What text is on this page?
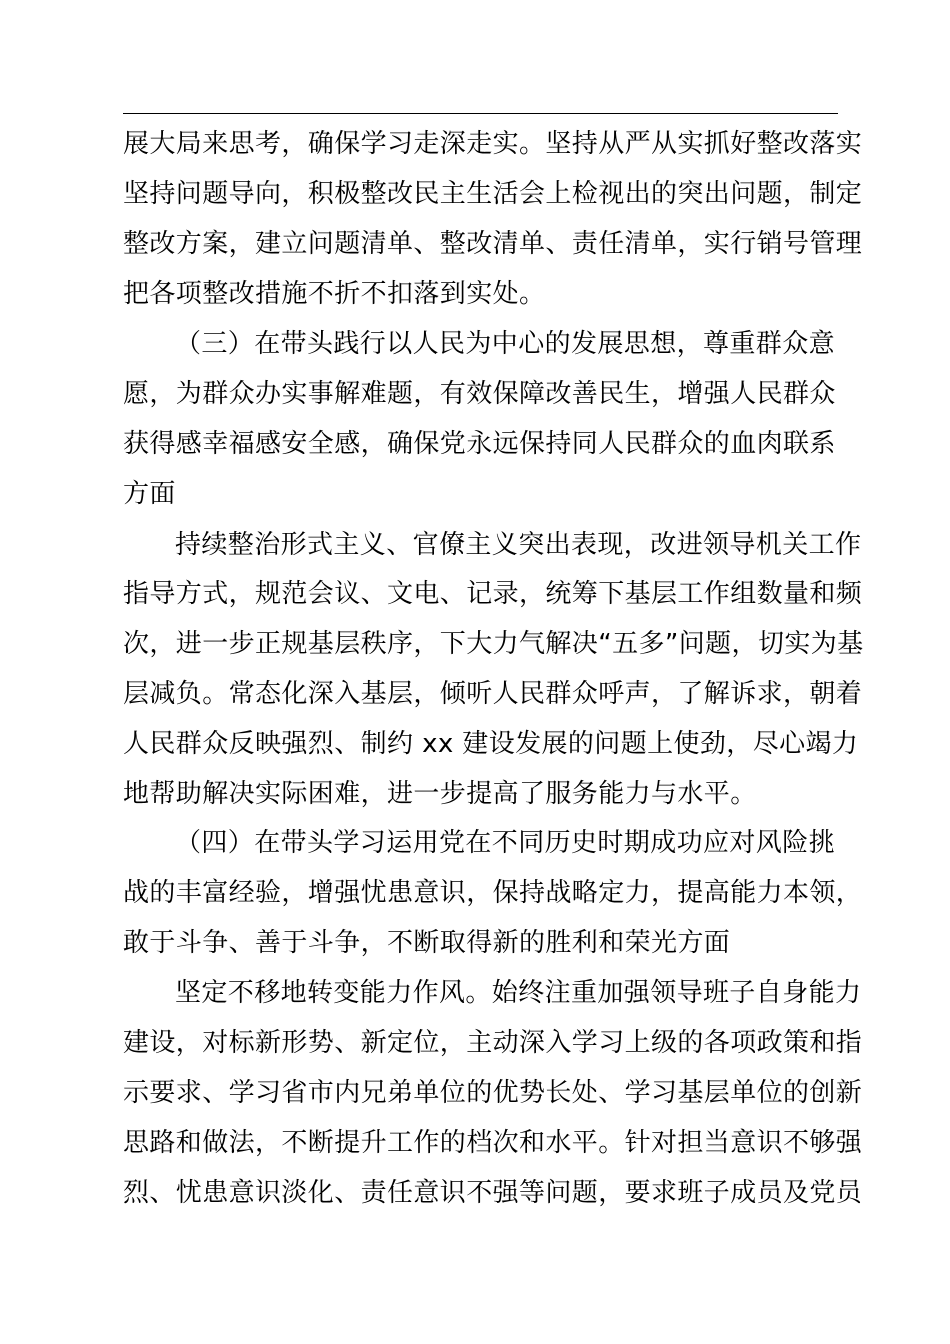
展大局来思考，确保学习走深走实。坚持从严从实抓好整改落实
坚持问题导向，积极整改民主生活会上检视出的突出问题，制定
整改方案，建立问题清单、整改清单、责任清单，实行销号管理
把各项整改措施不折不扣落到实处。
（三）在带头践行以人民为中心的发展思想，尊重群众意
愿，为群众办实事解难题，有效保障改善民生，增强人民群众
获得感幸福感安全感，确保党永远保持同人民群众的血肉联系
方面
持续整治形式主义、官僚主义突出表现，改进领导机关工作
指导方式，规范会议、文电、记录，统筹下基层工作组数量和频
次，进一步正规基层秩序，下大力气解决“五多”问题，切实为基
层减负。常态化深入基层，倾听人民群众呼声，了解诉求，朝着
人民群众反映强烈、制约 xx 建设发展的问题上使劲，尽心竭力
地帮助解决实际困难，进一步提高了服务能力与水平。
（四）在带头学习运用党在不同历史时期成功应对风险挑
战的丰富经验，增强忧患意识，保持战略定力，提高能力本领，
敢于斗争、善于斗争，不断取得新的胜利和荣光方面
坚定不移地转变能力作风。始终注重加强领导班子自身能力
建设，对标新形势、新定位，主动深入学习上级的各项政策和指
示要求、学习省市内兄弟单位的优势长处、学习基层单位的创新
思路和做法，不断提升工作的档次和水平。针对担当意识不够强
烈、忧患意识淡化、责任意识不强等问题，要求班子成员及党员
